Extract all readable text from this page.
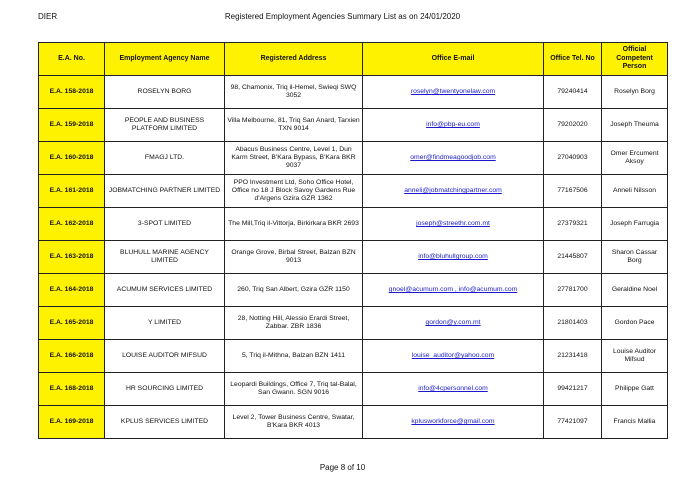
DIER	Registered Employment Agencies Summary List as on 24/01/2020
E.A. No.	Employment Agency Name	Registered Address	Office E-mail	Office Tel. No	Official Competent Person
E.A. 158-2018	ROSELYN BORG	98, Chamonix, Triq il-Hemel, Swieqi SWQ 3052	roselyn@twentyonelaw.com	79240414	Roselyn Borg
E.A. 159-2018	PEOPLE AND BUSINESS PLATFORM LIMITED	Villa Melbourne, 81, Triq San Anard, Tarxien TXN 9014	info@pbp-eu.com	79202020	Joseph Theuma
E.A. 160-2018	FMAGJ LTD.	Abacus Business Centre, Level 1, Dun Karm Street, B'Kara Bypass, B'Kara BKR 9037	omer@findmeagoodjob.com	27040903	Omer Ercument Aksoy
E.A. 161-2018	JOBMATCHING PARTNER LIMITED	PPO Investment Ltd, Soho Office Hotel, Office no 18 J Block Savoy Gardens Rue d'Argens Gzira GZR 1362	anneli@jobmatchingpartner.com	77167506	Anneli Nilsson
E.A. 162-2018	3-SPOT LIMITED	The Mill,Triq il-Vittorja, Birkirkara BKR 2693	joseph@streethr.com.mt	27379321	Joseph Farrugia
E.A. 163-2018	BLUHULL MARINE AGENCY LIMITED	Orange Grove, Birbal Street, Balzan BZN 9013	info@bluhullgroup.com	21445807	Sharon Cassar Borg
E.A. 164-2018	ACUMUM SERVICES LIMITED	260, Triq San Albert, Gzira GZR 1150	gnoel@acumum.com , info@acumum.com	27781700	Geraldine Noel
E.A. 165-2018	Y LIMITED	28, Notting Hill, Alessio Erardi Street, Zabbar. ZBR 1836	gordon@y.com.mt	21801403	Gordon Pace
E.A. 166-2018	LOUISE AUDITOR MIFSUD	5, Triq il-Mithna, Balzan BZN 1411	louise_auditor@yahoo.com	21231418	Louise Auditor Mifsud
E.A. 168-2018	HR SOURCING LIMITED	Leopardi Buildings, Office 7, Triq tal-Balal, San Gwann. SGN 9016	info@4cpersonnel.com	99421217	Philippe Gatt
E.A. 169-2018	KPLUS SERVICES LIMITED	Level 2, Tower Business Centre, Swatar, B'Kara BKR 4013	kplusworkforce@gmail.com	77421097	Francis Mallia
Page 8 of 10
